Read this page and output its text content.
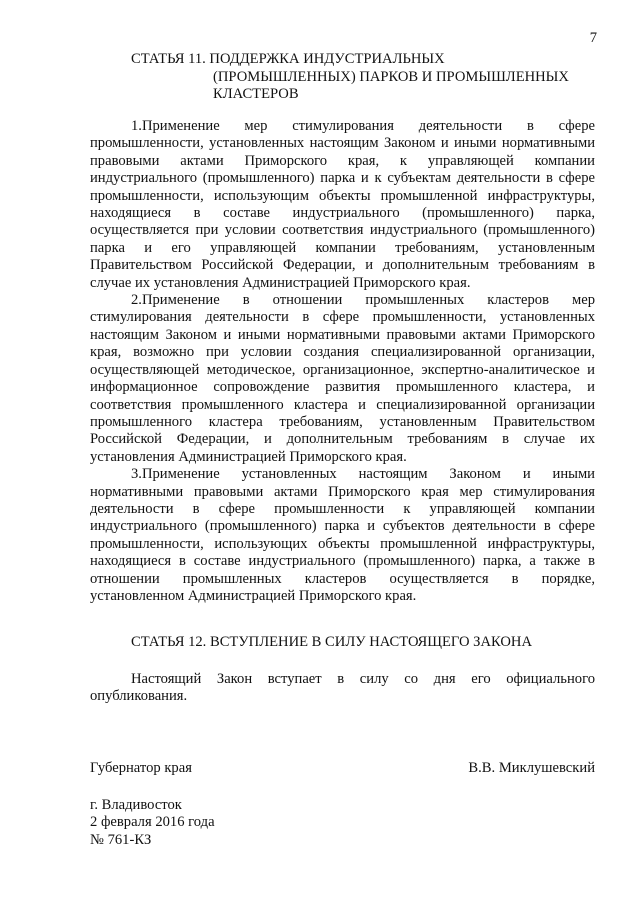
7
СТАТЬЯ 11. ПОДДЕРЖКА ИНДУСТРИАЛЬНЫХ
(ПРОМЫШЛЕННЫХ) ПАРКОВ И ПРОМЫШЛЕННЫХ
КЛАСТЕРОВ

1.Применение мер стимулирования деятельности в сфере промышленности, установленных настоящим Законом и иными нормативными правовыми актами Приморского края, к управляющей компании индустриального (промышленного) парка и к субъектам деятельности в сфере промышленности, использующим объекты промышленной инфраструктуры, находящиеся в составе индустриального (промышленного) парка, осуществляется при условии соответствия индустриального (промышленного) парка и его управляющей компании требованиям, установленным Правительством Российской Федерации, и дополнительным требованиям в случае их установления Администрацией Приморского края.

2.Применение в отношении промышленных кластеров мер стимулирования деятельности в сфере промышленности, установленных настоящим Законом и иными нормативными правовыми актами Приморского края, возможно при условии создания специализированной организации, осуществляющей методическое, организационное, экспертно-аналитическое и информационное сопровождение развития промышленного кластера, и соответствия промышленного кластера и специализированной организации промышленного кластера требованиям, установленным Правительством Российской Федерации, и дополнительным требованиям в случае их установления Администрацией Приморского края.

3.Применение установленных настоящим Законом и иными нормативными правовыми актами Приморского края мер стимулирования деятельности в сфере промышленности к управляющей компании индустриального (промышленного) парка и субъектов деятельности в сфере промышленности, использующих объекты промышленной инфраструктуры, находящиеся в составе индустриального (промышленного) парка, а также в отношении промышленных кластеров осуществляется в порядке, установленном Администрацией Приморского края.

СТАТЬЯ 12. ВСТУПЛЕНИЕ В СИЛУ НАСТОЯЩЕГО ЗАКОНА

Настоящий Закон вступает в силу со дня его официального опубликования.

Губернатор края	В.В. Миклушевский
г. Владивосток
2 февраля 2016 года
№ 761-КЗ
